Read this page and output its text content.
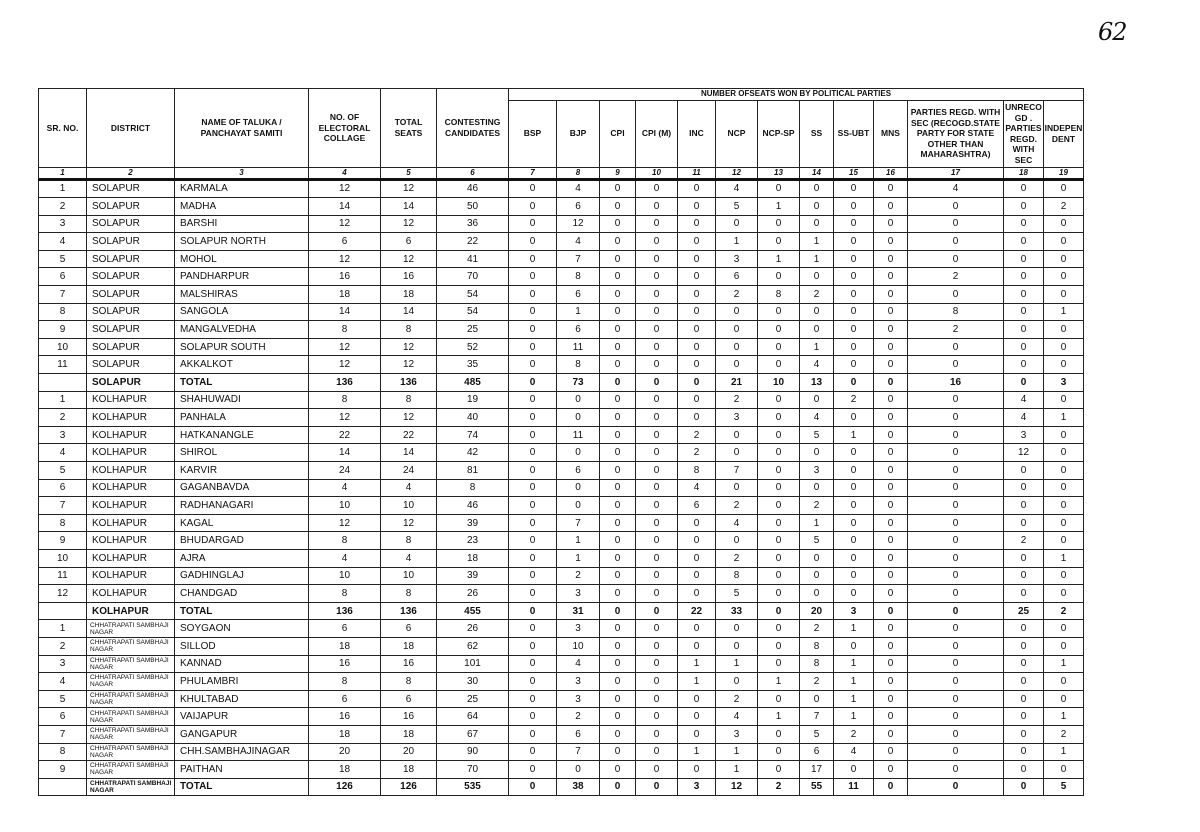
62
SR. NO.	DISTRICT	NAME OF TALUKA / PANCHAYAT SAMITI	NO. OF ELECTORAL COLLAGE	TOTAL SEATS	CONTESTING CANDIDATES	NUMBER OFSEATS WON BY POLITICAL PARTIES												
						BSP	BJP	CPI	CPI (M)	INC	NCP	NCP-SP	SS	SS-UBT	MNS	PARTIES REGD. WITH SEC (RECOGD.STATE PARTY FOR STATE OTHER THAN MAHARASHTRA)	UNRECO GD . PARTIES REGD. WITH SEC	INDEPEN DENT
1	2	3	4	5	6	7	8	9	10	11	12	13	14	15	16	17	18	19
1	SOLAPUR	KARMALA	12	12	46	0	4	0	0	0	4	0	0	0	0	4	0	0
2	SOLAPUR	MADHA	14	14	50	0	6	0	0	0	5	1	0	0	0	0	0	2
3	SOLAPUR	BARSHI	12	12	36	0	12	0	0	0	0	0	0	0	0	0	0	0
4	SOLAPUR	SOLAPUR NORTH	6	6	22	0	4	0	0	0	1	0	1	0	0	0	0	0
5	SOLAPUR	MOHOL	12	12	41	0	7	0	0	0	3	1	1	0	0	0	0	0
6	SOLAPUR	PANDHARPUR	16	16	70	0	8	0	0	0	6	0	0	0	0	2	0	0
7	SOLAPUR	MALSHIRAS	18	18	54	0	6	0	0	0	2	8	2	0	0	0	0	0
8	SOLAPUR	SANGOLA	14	14	54	0	1	0	0	0	0	0	0	0	0	8	0	1
9	SOLAPUR	MANGALVEDHA	8	8	25	0	6	0	0	0	0	0	0	0	0	2	0	0
10	SOLAPUR	SOLAPUR SOUTH	12	12	52	0	11	0	0	0	0	0	1	0	0	0	0	0
11	SOLAPUR	AKKALKOT	12	12	35	0	8	0	0	0	0	0	4	0	0	0	0	0
	SOLAPUR	TOTAL	136	136	485	0	73	0	0	0	21	10	13	0	0	16	0	3
1	KOLHAPUR	SHAHUWADI	8	8	19	0	0	0	0	0	2	0	0	2	0	0	4	0
2	KOLHAPUR	PANHALA	12	12	40	0	0	0	0	0	3	0	4	0	0	0	4	1
3	KOLHAPUR	HATKANANGLE	22	22	74	0	11	0	0	2	0	0	5	1	0	0	3	0
4	KOLHAPUR	SHIROL	14	14	42	0	0	0	0	2	0	0	0	0	0	0	12	0
5	KOLHAPUR	KARVIR	24	24	81	0	6	0	0	8	7	0	3	0	0	0	0	0
6	KOLHAPUR	GAGANBAVDA	4	4	8	0	0	0	0	4	0	0	0	0	0	0	0	0
7	KOLHAPUR	RADHANAGARI	10	10	46	0	0	0	0	6	2	0	2	0	0	0	0	0
8	KOLHAPUR	KAGAL	12	12	39	0	7	0	0	0	4	0	1	0	0	0	0	0
9	KOLHAPUR	BHUDARGAD	8	8	23	0	1	0	0	0	0	0	5	0	0	0	2	0
10	KOLHAPUR	AJRA	4	4	18	0	1	0	0	0	2	0	0	0	0	0	0	1
11	KOLHAPUR	GADHINGLAJ	10	10	39	0	2	0	0	0	8	0	0	0	0	0	0	0
12	KOLHAPUR	CHANDGAD	8	8	26	0	3	0	0	0	5	0	0	0	0	0	0	0
	KOLHAPUR	TOTAL	136	136	455	0	31	0	0	22	33	0	20	3	0	0	25	2
1	CHHATRAPATI SAMBHAJI NAGAR	SOYGAON	6	6	26	0	3	0	0	0	0	0	2	1	0	0	0	0
2	CHHATRAPATI SAMBHAJI NAGAR	SILLOD	18	18	62	0	10	0	0	0	0	0	8	0	0	0	0	0
3	CHHATRAPATI SAMBHAJI NAGAR	KANNAD	16	16	101	0	4	0	0	1	1	0	8	1	0	0	0	1
4	CHHATRAPATI SAMBHAJI NAGAR	PHULAMBRI	8	8	30	0	3	0	0	1	0	1	2	1	0	0	0	0
5	CHHATRAPATI SAMBHAJI NAGAR	KHULTABAD	6	6	25	0	3	0	0	0	2	0	0	1	0	0	0	0
6	CHHATRAPATI SAMBHAJI NAGAR	VAIJAPUR	16	16	64	0	2	0	0	0	4	1	7	1	0	0	0	1
7	CHHATRAPATI SAMBHAJI NAGAR	GANGAPUR	18	18	67	0	6	0	0	0	3	0	5	2	0	0	0	2
8	CHHATRAPATI SAMBHAJI NAGAR	CHH.SAMBHAJINAGAR	20	20	90	0	7	0	0	1	1	0	6	4	0	0	0	1
9	CHHATRAPATI SAMBHAJI NAGAR	PAITHAN	18	18	70	0	0	0	0	0	1	0	17	0	0	0	0	0
	CHHATRAPATI SAMBHAJI NAGAR	TOTAL	126	126	535	0	38	0	0	3	12	2	55	11	0	0	0	5
